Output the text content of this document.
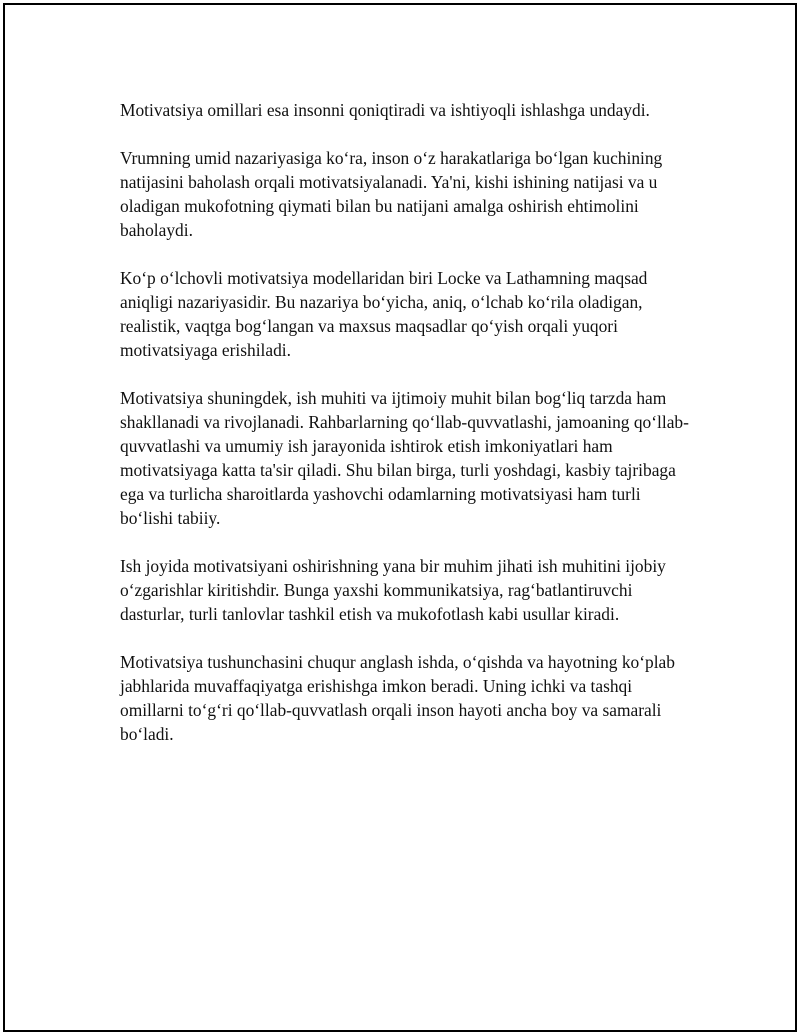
Motivatsiya omillari esa insonni qoniqtiradi va ishtiyoqli ishlashga undaydi.

Vrumning umid nazariyasiga ko‘ra, inson o‘z harakatlariga bo‘lgan kuchining natijasini baholash orqali motivatsiyalanadi. Ya'ni, kishi ishining natijasi va u oladigan mukofotning qiymati bilan bu natijani amalga oshirish ehtimolini baholaydi.

Ko‘p o‘lchovli motivatsiya modellaridan biri Locke va Lathamning maqsad aniqligi nazariyasidir. Bu nazariya bo‘yicha, aniq, o‘lchab ko‘rila oladigan, realistik, vaqtga bog‘langan va maxsus maqsadlar qo‘yish orqali yuqori motivatsiyaga erishiladi.

Motivatsiya shuningdek, ish muhiti va ijtimoiy muhit bilan bog‘liq tarzda ham shakllanadi va rivojlanadi. Rahbarlarning qo‘llab-quvvatlashi, jamoaning qo‘llab-quvvatlashi va umumiy ish jarayonida ishtirok etish imkoniyatlari ham motivatsiyaga katta ta'sir qiladi. Shu bilan birga, turli yoshdagi, kasbiy tajribaga ega va turlicha sharoitlarda yashovchi odamlarning motivatsiyasi ham turli bo‘lishi tabiiy.

Ish joyida motivatsiyani oshirishning yana bir muhim jihati ish muhitini ijobiy o‘zgarishlar kiritishdir. Bunga yaxshi kommunikatsiya, rag‘batlantiruvchi dasturlar, turli tanlovlar tashkil etish va mukofotlash kabi usullar kiradi.

Motivatsiya tushunchasini chuqur anglash ishda, o‘qishda va hayotning ko‘plab jabhlarida muvaffaqiyatga erishishga imkon beradi. Uning ichki va tashqi omillarni to‘g‘ri qo‘llab-quvvatlash orqali inson hayoti ancha boy va samarali bo‘ladi.
